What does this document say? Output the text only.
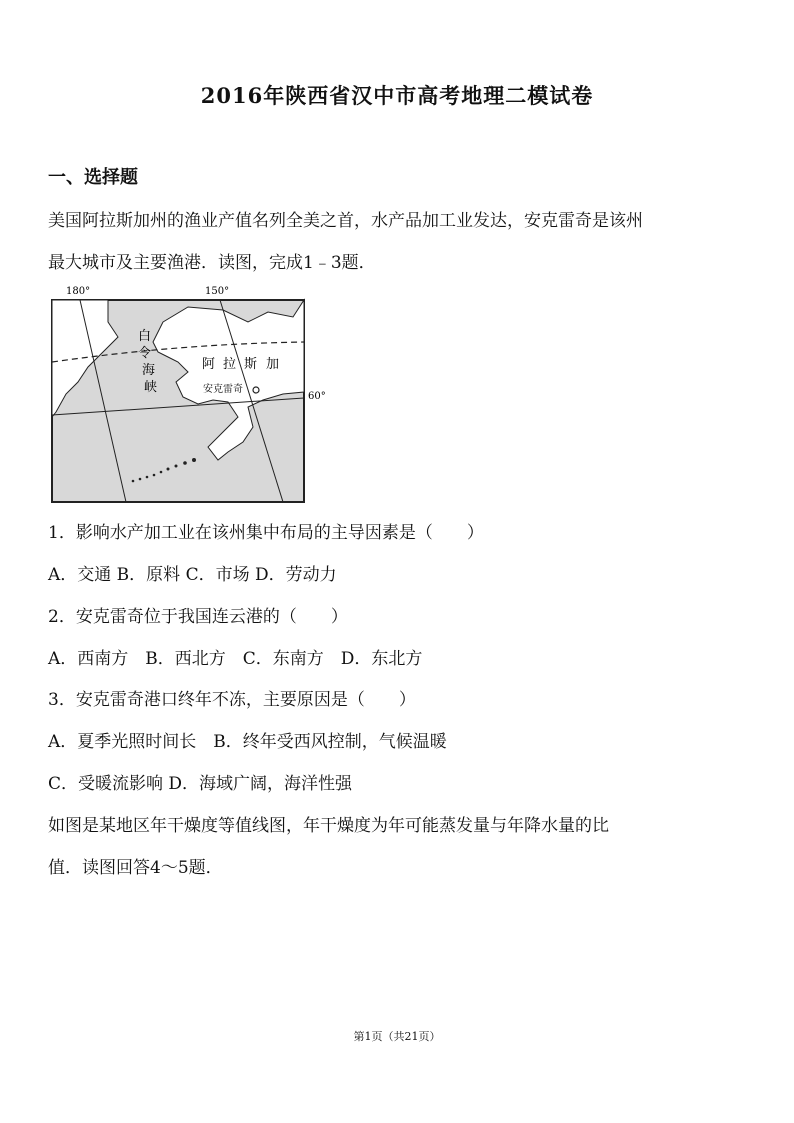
2016年陕西省汉中市高考地理二模试卷
一、选择题

美国阿拉斯加州的渔业产值名列全美之首，水产品加工业发达，安克雷奇是该州

最大城市及主要渔港．读图，完成1﹣3题．

180°	150°
60°
白
令
海
峡
阿 拉 斯 加
安克雷奇

1．影响水产加工业在该州集中布局的主导因素是（　　）

A．交通 B．原料 C．市场 D．劳动力

2．安克雷奇位于我国连云港的（　　）

A．西南方　B．西北方　C．东南方　D．东北方

3．安克雷奇港口终年不冻，主要原因是（　　）

A．夏季光照时间长　B．终年受西风控制，气候温暖

C．受暖流影响 D．海域广阔，海洋性强

如图是某地区年干燥度等值线图，年干燥度为年可能蒸发量与年降水量的比

值．读图回答4～5题．

第1页（共21页）
